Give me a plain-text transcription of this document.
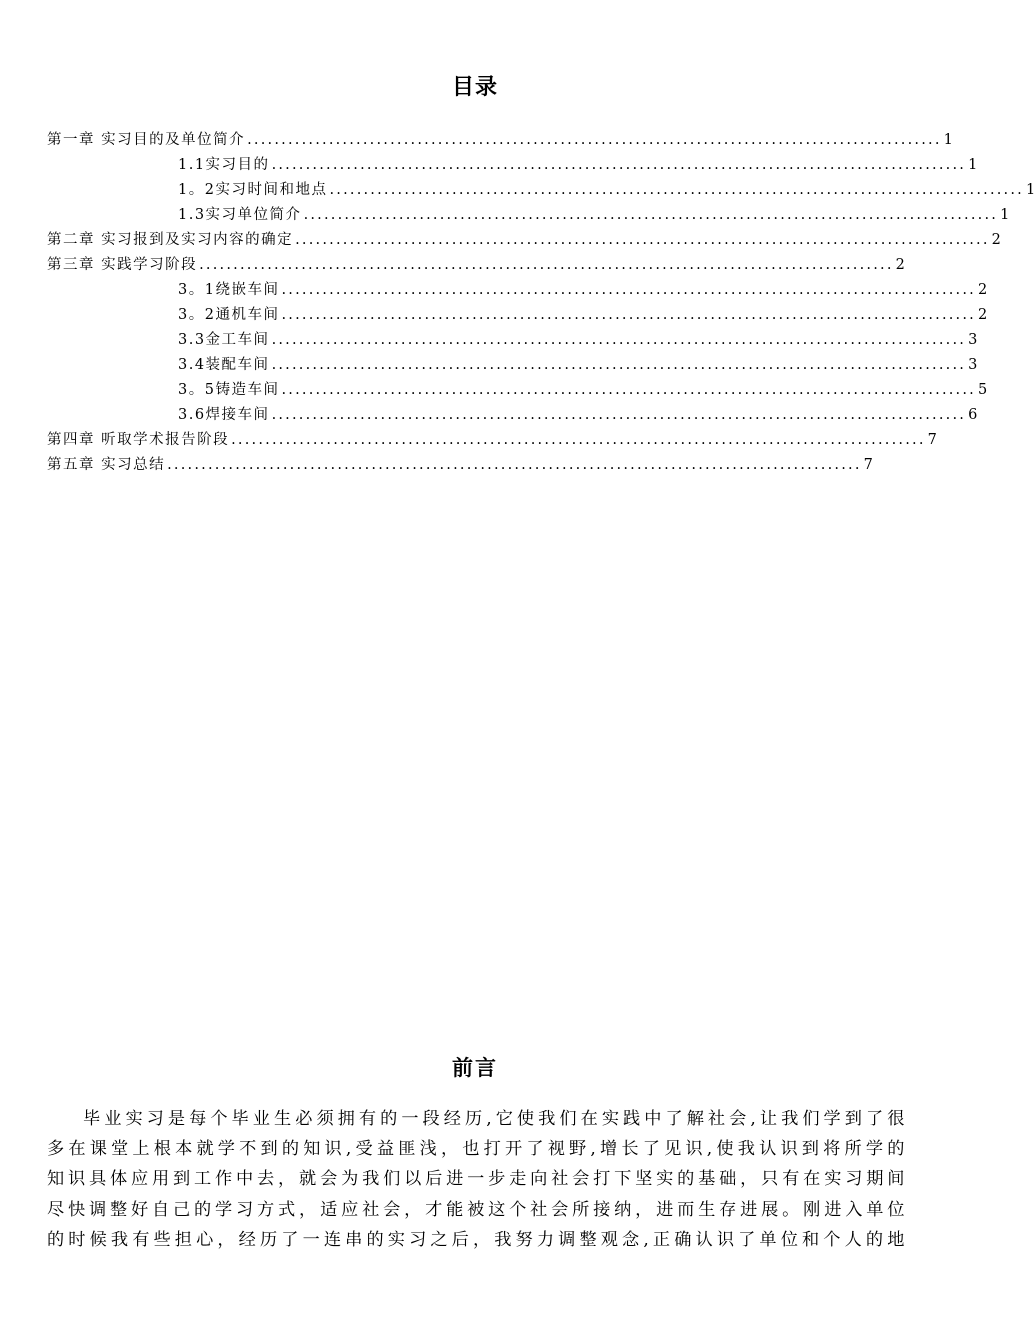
目录
第一章 实习目的及单位简介 ...................................................................................................... 1
1.1实习目的 ...................................................................................................... 1
1。2实习时间和地点 ...................................................................................................... 1
1.3实习单位简介 ...................................................................................................... 1
第二章 实习报到及实习内容的确定 ...................................................................................................... 2
第三章 实践学习阶段 ...................................................................................................... 2
3。1绕嵌车间 ...................................................................................................... 2
3。2通机车间 ...................................................................................................... 2
3.3金工车间 ...................................................................................................... 3
3.4装配车间 ...................................................................................................... 3
3。5铸造车间 ...................................................................................................... 5
3.6焊接车间 ...................................................................................................... 6
第四章 听取学术报告阶段 ...................................................................................................... 7
第五章 实习总结 ...................................................................................................... 7
前言
毕业实习是每个毕业生必须拥有的一段经历,它使我们在实践中了解社会,让我们学到了很
多在课堂上根本就学不到的知识,受益匪浅，也打开了视野,增长了见识,使我认识到将所学的
知识具体应用到工作中去，就会为我们以后进一步走向社会打下坚实的基础，只有在实习期间
尽快调整好自己的学习方式，适应社会，才能被这个社会所接纳，进而生存进展。刚进入单位
的时候我有些担心，经历了一连串的实习之后，我努力调整观念,正确认识了单位和个人的地
